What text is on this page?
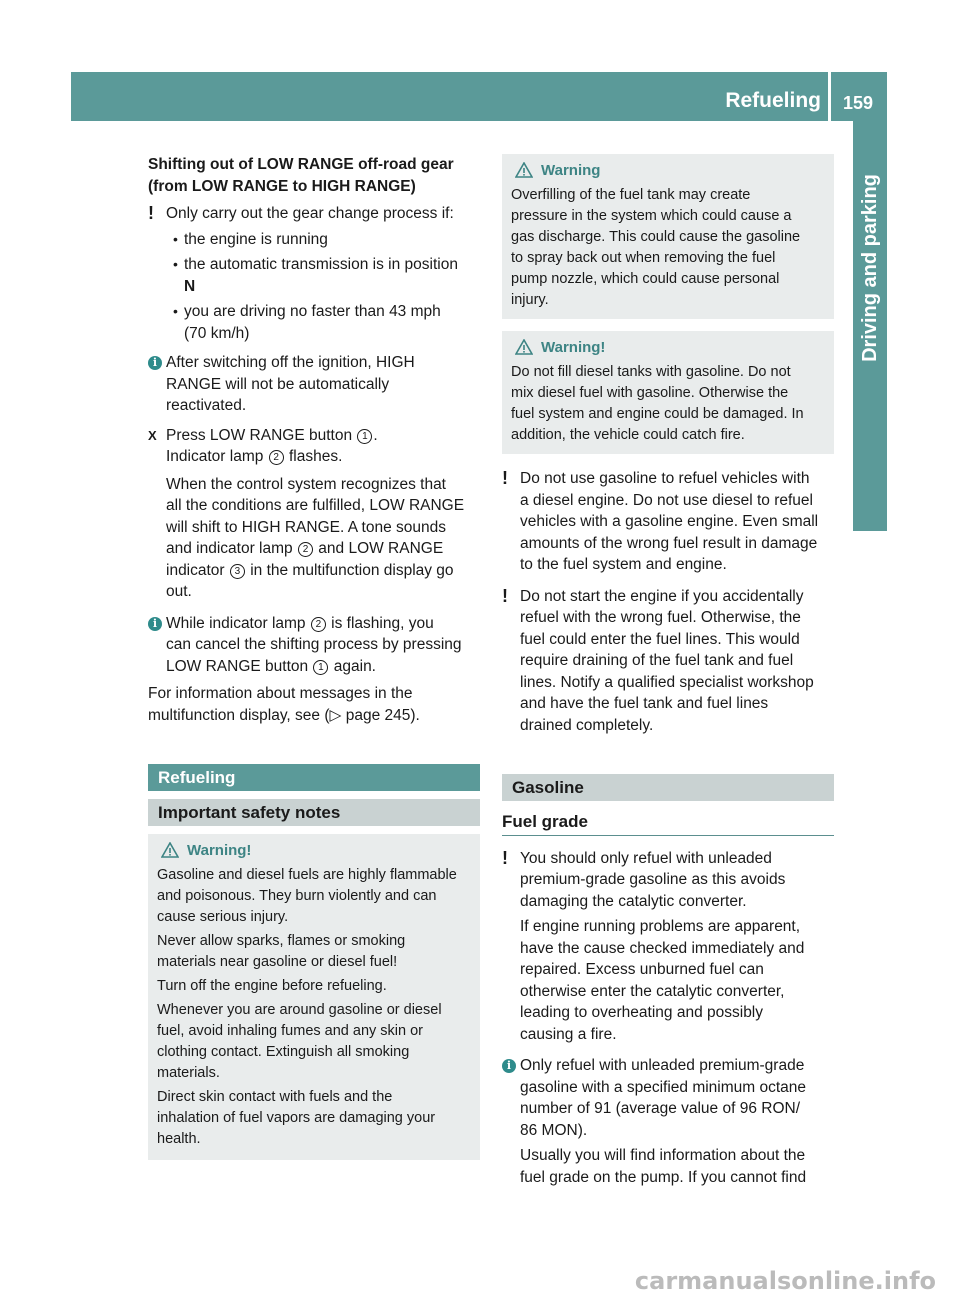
Refueling 159
Driving and parking

Shifting out of LOW RANGE off-road gear
(from LOW RANGE to HIGH RANGE)

! Only carry out the gear change process if:
• the engine is running
• the automatic transmission is in position
N
• you are driving no faster than 43 mph
(70 km/h)
i After switching off the ignition, HIGH
RANGE will not be automatically
reactivated.
X Press LOW RANGE button 1 .
Indicator lamp 2 flashes.

When the control system recognizes that
all the conditions are fulfilled, LOW RANGE
will shift to HIGH RANGE. A tone sounds
and indicator lamp 2 and LOW RANGE
indicator 3 in the multifunction display go
out.

i While indicator lamp 2 is flashing, you
can cancel the shifting process by pressing
LOW RANGE button 1 again.

For information about messages in the
multifunction display, see (▷ page 245).

Refueling
Important safety notes
Warning!

Gasoline and diesel fuels are highly flammable
and poisonous. They burn violently and can
cause serious injury.

Never allow sparks, flames or smoking
materials near gasoline or diesel fuel!

Turn off the engine before refueling.

Whenever you are around gasoline or diesel
fuel, avoid inhaling fumes and any skin or
clothing contact. Extinguish all smoking
materials.

Direct skin contact with fuels and the
inhalation of fuel vapors are damaging your
health.

Warning

Overfilling of the fuel tank may create
pressure in the system which could cause a
gas discharge. This could cause the gasoline
to spray back out when removing the fuel
pump nozzle, which could cause personal
injury.

Warning!

Do not fill diesel tanks with gasoline. Do not
mix diesel fuel with gasoline. Otherwise the
fuel system and engine could be damaged. In
addition, the vehicle could catch fire.

! Do not use gasoline to refuel vehicles with
a diesel engine. Do not use diesel to refuel
vehicles with a gasoline engine. Even small
amounts of the wrong fuel result in damage
to the fuel system and engine.
! Do not start the engine if you accidentally
refuel with the wrong fuel. Otherwise, the
fuel could enter the fuel lines. This would
require draining of the fuel tank and fuel
lines. Notify a qualified specialist workshop
and have the fuel tank and fuel lines
drained completely.
Gasoline
Fuel grade
! You should only refuel with unleaded
premium-grade gasoline as this avoids
damaging the catalytic converter.

If engine running problems are apparent,
have the cause checked immediately and
repaired. Excess unburned fuel can
otherwise enter the catalytic converter,
leading to overheating and possibly
causing a fire.

i Only refuel with unleaded premium-grade
gasoline with a specified minimum octane
number of 91 (average value of 96 RON/
86 MON).

Usually you will find information about the
fuel grade on the pump. If you cannot find

carmanualsonline.info
